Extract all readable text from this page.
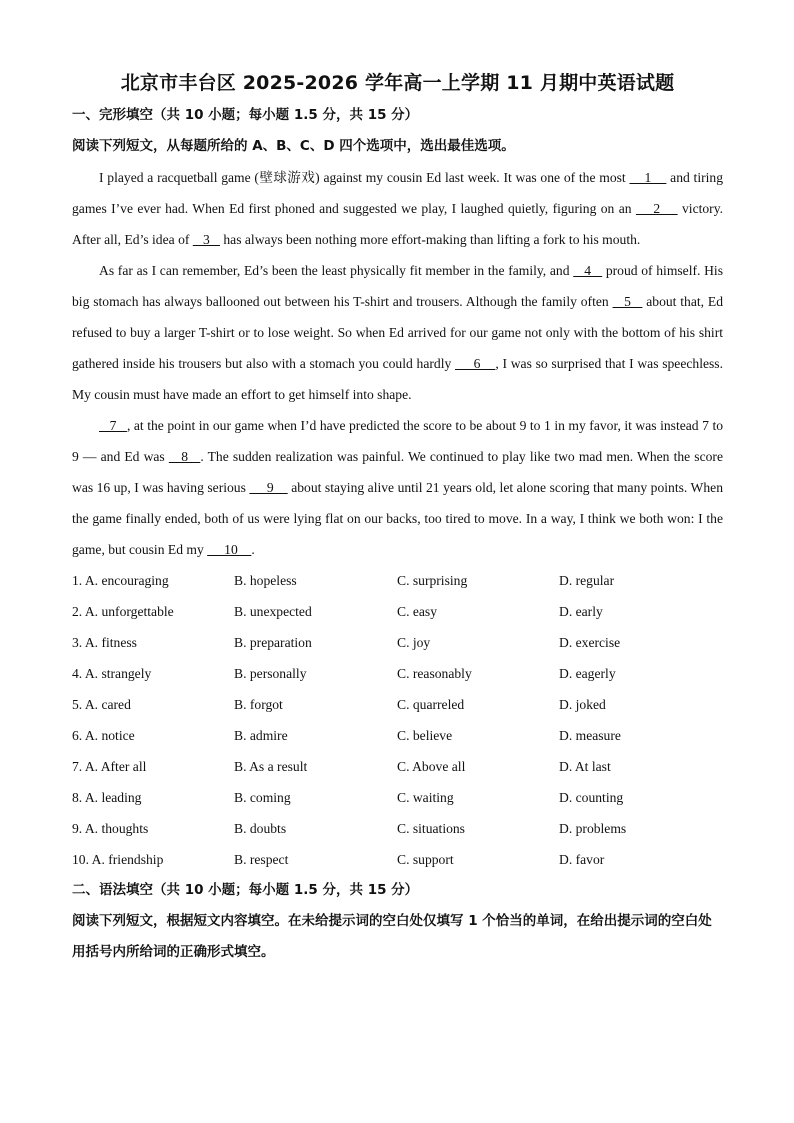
北京市丰台区 2025-2026 学年高一上学期 11 月期中英语试题
一、完形填空（共 10 小题；每小题 1.5 分，共 15 分）
阅读下列短文，从每题所给的 A、B、C、D 四个选项中，选出最佳选项。

I played a racquetball game (壁球游戏) against my cousin Ed last week. It was one of the most     1     and tiring games I’ve ever had. When Ed first phoned and suggested we play, I laughed quietly, figuring on an     2     victory. After all, Ed’s idea of    3    has always been nothing more effort-making than lifting a fork to his mouth.

As far as I can remember, Ed’s been the least physically fit member in the family, and    4    proud of himself. His big stomach has always ballooned out between his T-shirt and trousers. Although the family often    5    about that, Ed refused to buy a larger T-shirt or to lose weight. So when Ed arrived for our game not only with the bottom of his shirt gathered inside his trousers but also with a stomach you could hardly      6    , I was so surprised that I was speechless. My cousin must have made an effort to get himself into shape.

7   , at the point in our game when I’d have predicted the score to be about 9 to 1 in my favor, it was instead 7 to 9 — and Ed was    8   . The sudden realization was painful. We continued to play like two mad men. When the score was 16 up, I was having serious      9     about staying alive until 21 years old, let alone scoring that many points. When the game finally ended, both of us were lying flat on our backs, too tired to move. In a way, I think we both won: I the game, but cousin Ed my      10    .

1. A. encouraging	B. hopeless	C. surprising	D. regular
2. A. unforgettable	B. unexpected	C. easy	D. early
3. A. fitness	B. preparation	C. joy	D. exercise
4. A. strangely	B. personally	C. reasonably	D. eagerly
5. A. cared	B. forgot	C. quarreled	D. joked
6. A. notice	B. admire	C. believe	D. measure
7. A. After all	B. As a result	C. Above all	D. At last
8. A. leading	B. coming	C. waiting	D. counting
9. A. thoughts	B. doubts	C. situations	D. problems
10. A. friendship	B. respect	C. support	D. favor
二、语法填空（共 10 小题；每小题 1.5 分，共 15 分）
阅读下列短文，根据短文内容填空。在未给提示词的空白处仅填写 1 个恰当的单词，在给出提示词的空白处用括号内所给词的正确形式填空。
